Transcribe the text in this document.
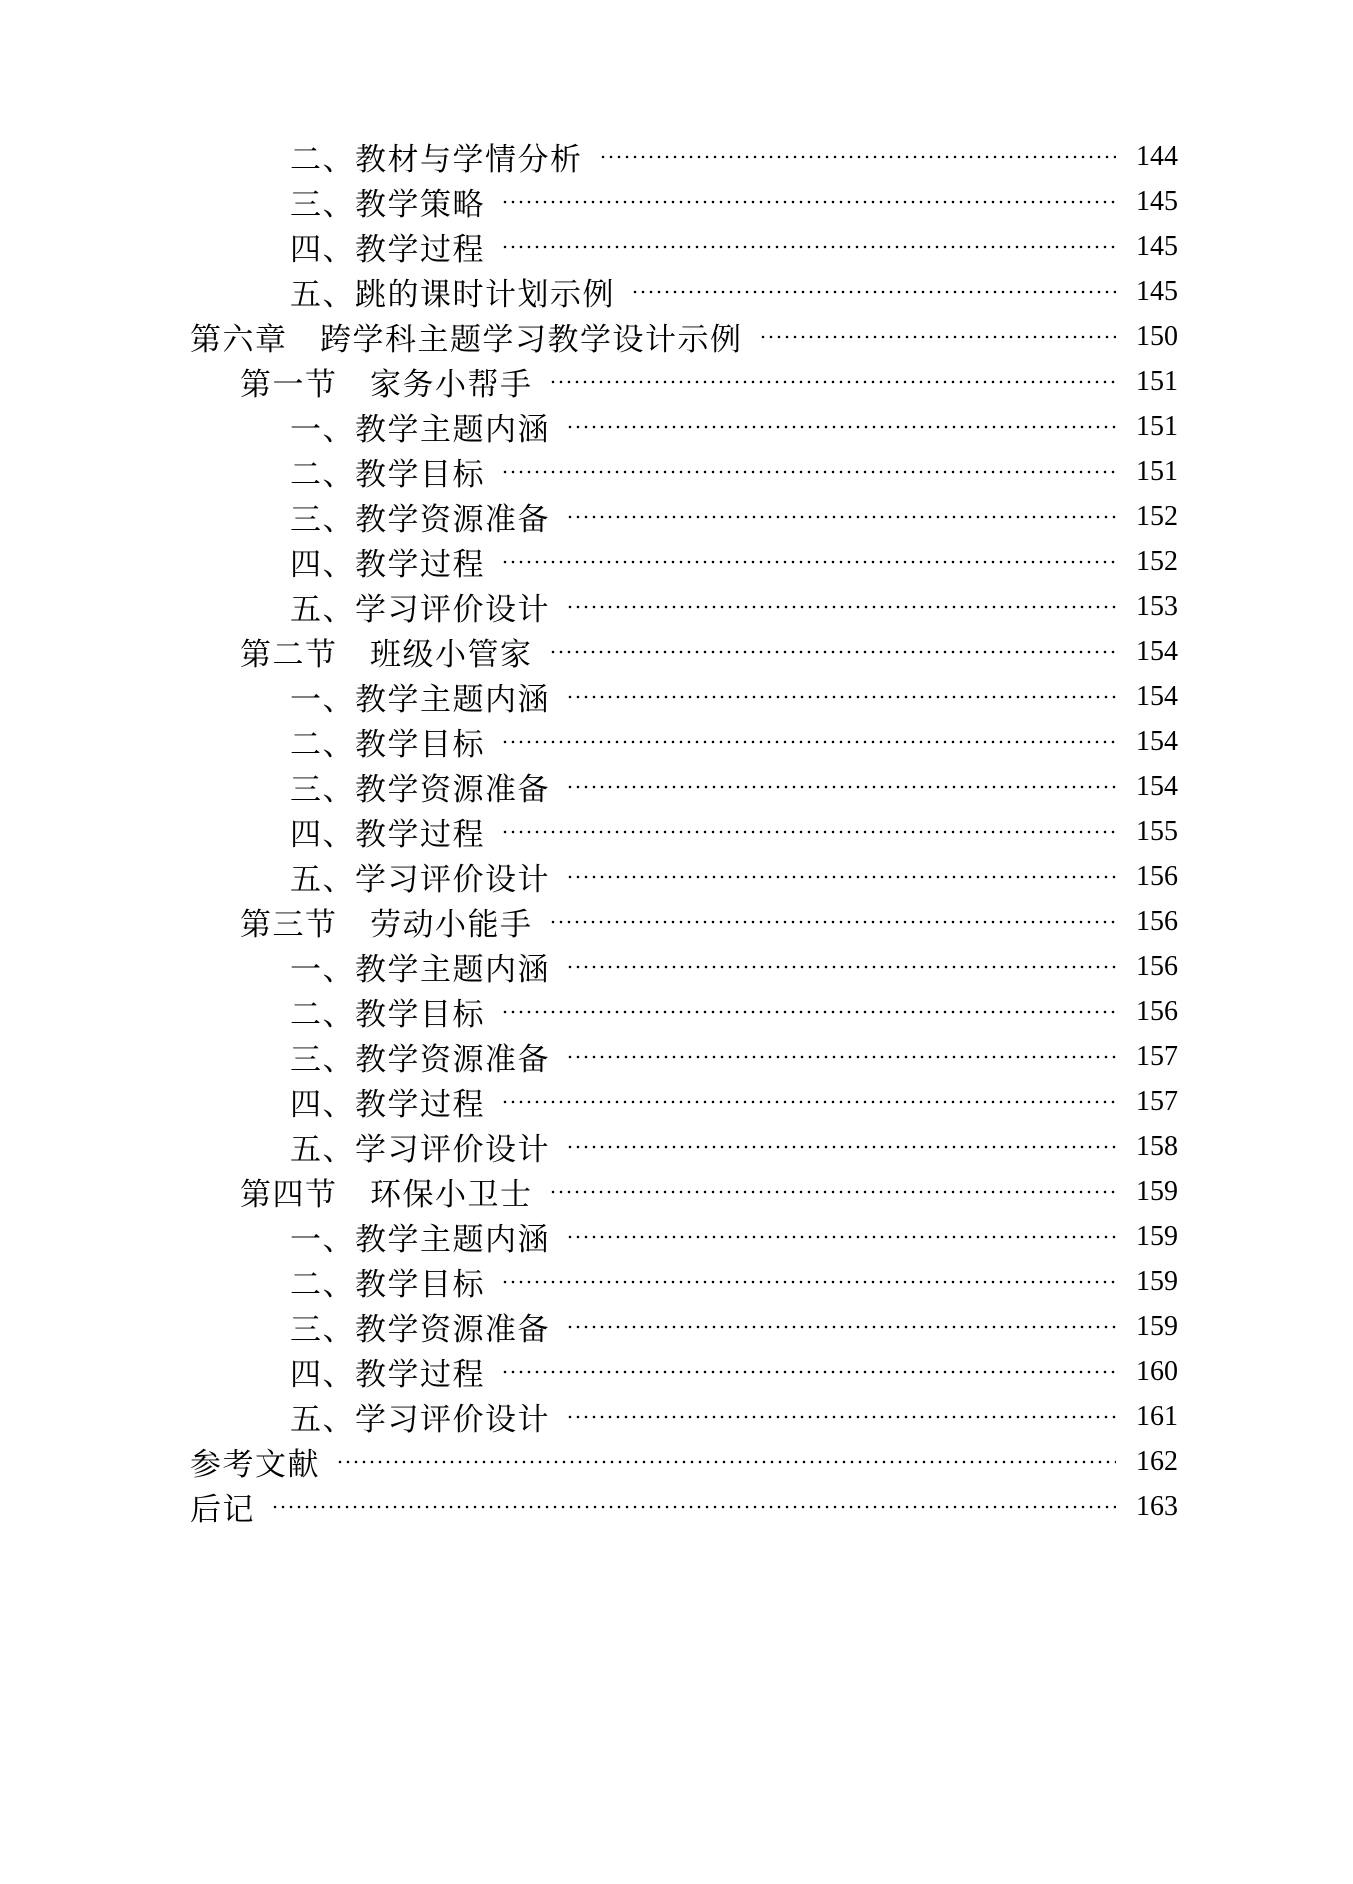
二、教材与学情分析	144
三、教学策略	145
四、教学过程	145
五、跳的课时计划示例	145
第六章　跨学科主题学习教学设计示例	150
第一节　家务小帮手	151
一、教学主题内涵	151
二、教学目标	151
三、教学资源准备	152
四、教学过程	152
五、学习评价设计	153
第二节　班级小管家	154
一、教学主题内涵	154
二、教学目标	154
三、教学资源准备	154
四、教学过程	155
五、学习评价设计	156
第三节　劳动小能手	156
一、教学主题内涵	156
二、教学目标	156
三、教学资源准备	157
四、教学过程	157
五、学习评价设计	158
第四节　环保小卫士	159
一、教学主题内涵	159
二、教学目标	159
三、教学资源准备	159
四、教学过程	160
五、学习评价设计	161
参考文献	162
后记	163
